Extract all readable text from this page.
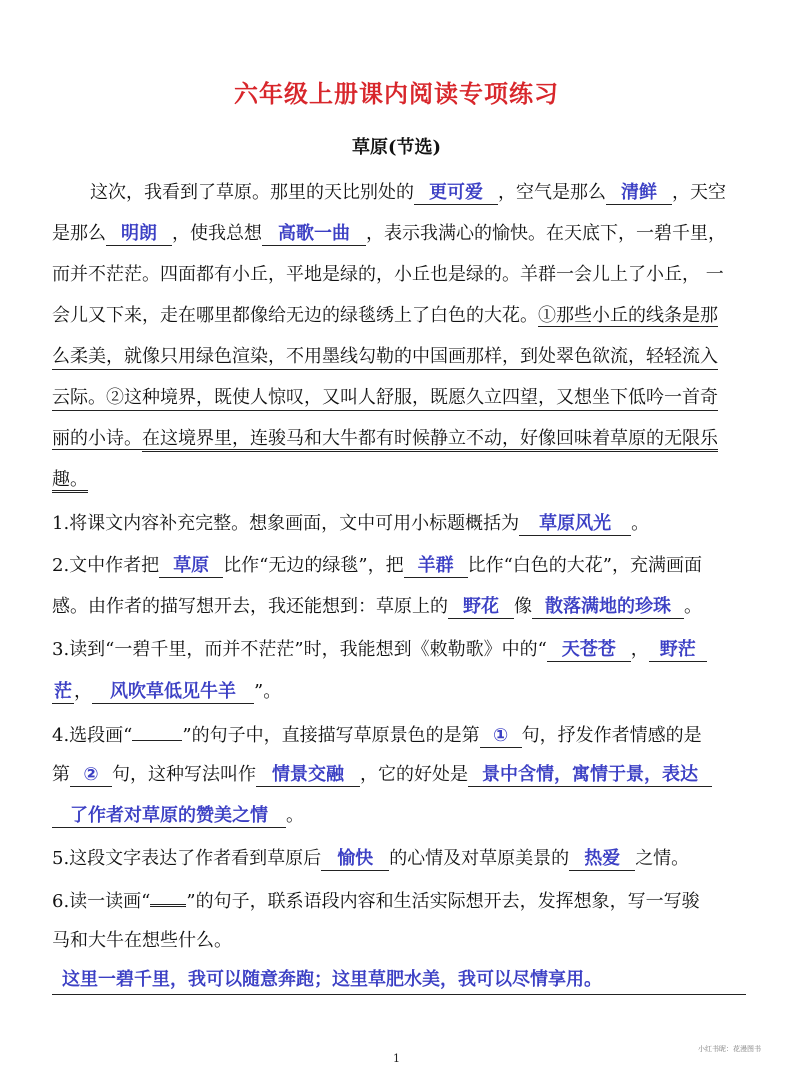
六年级上册课内阅读专项练习
草原(节选)
这次，我看到了草原。那里的天比别处的 更可爱 ，空气是那么 清鲜 ，天空
是那么 明朗 ，使我总想 高歌一曲 ，表示我满心的愉快。在天底下，一碧千里，
而并不茫茫。四面都有小丘，平地是绿的，小丘也是绿的。羊群一会儿上了小丘， 一
会儿又下来，走在哪里都像给无边的绿毯绣上了白色的大花。①那些小丘的线条是那
么柔美，就像只用绿色渲染，不用墨线勾勒的中国画那样，到处翠色欲流，轻轻流入
云际。②这种境界，既使人惊叹，又叫人舒服，既愿久立四望，又想坐下低吟一首奇
丽的小诗。在这境界里，连骏马和大牛都有时候静立不动，好像回味着草原的无限乐
趣。
1.将课文内容补充完整。想象画面，文中可用小标题概括为 草原风光 。
2.文中作者把 草原 比作“无边的绿毯”，把 羊群 比作“白色的大花”，充满画面
感。由作者的描写想开去，我还能想到：草原上的 野花 像 散落满地的珍珠 。
3.读到“一碧千里，而并不茫茫”时，我能想到《敕勒歌》中的“ 天苍苍 ， 野茫
茫 ， 风吹草低见牛羊 ”。
4.选段画“	”的句子中，直接描写草原景色的是第 ① 句，抒发作者情感的是
第 ② 句，这种写法叫作 情景交融 ，它的好处是 景中含情，寓情于景，表达
了作者对草原的赞美之情 。
5.这段文字表达了作者看到草原后 愉快 的心情及对草原美景的 热爱 之情。
6.读一读画“ ”的句子，联系语段内容和生活实际想开去，发挥想象，写一写骏
马和大牛在想些什么。
这里一碧千里，我可以随意奔跑；这里草肥水美，我可以尽情享用。
小红书昵：花漫图书
1
